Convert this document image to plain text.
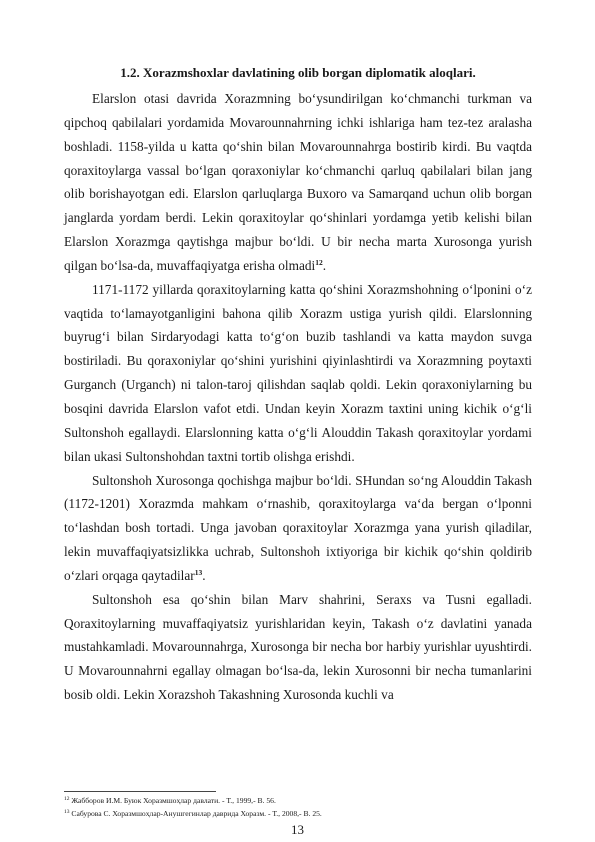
1.2. Xorazmshoxlar davlatining olib borgan diplomatik aloqlari.

Elarslon otasi davrida Xorazmning bo‘ysundirilgan ko‘chmanchi turkman va qipchoq qabilalari yordamida Movarounnahrning ichki ishlariga ham tez-tez aralasha boshladi. 1158-yilda u katta qo‘shin bilan Movarounnahrga bostirib kirdi. Bu vaqtda qoraxitoylarga vassal bo‘lgan qoraxoniylar ko‘chmanchi qarluq qabilalari bilan jang olib borishayotgan edi. Elarslon qarluqlarga Buxoro va Samarqand uchun olib borgan janglarda yordam berdi. Lekin qoraxitoylar qo‘shinlari yordamga yetib kelishi bilan Elarslon Xorazmga qaytishga majbur bo‘ldi. U bir necha marta Xurosonga yurish qilgan bo‘lsa-da, muvaffaqiyatga erisha olmadi$^{12}$.

1171-1172 yillarda qoraxitoylarning katta qo‘shini Xorazmshohning o‘lponini o‘z vaqtida to‘lamayotganligini bahona qilib Xorazm ustiga yurish qildi. Elarslonning buyrug‘i bilan Sirdaryodagi katta to‘g‘on buzib tashlandi va katta maydon suvga bostiriladi. Bu qoraxoniylar qo‘shini yurishini qiyinlashtirdi va Xorazmning poytaxti Gurganch (Urganch) ni talon-taroj qilishdan saqlab qoldi. Lekin qoraxoniylarning bu bosqini davrida Elarslon vafot etdi. Undan keyin Xorazm taxtini uning kichik o‘g‘li Sultonshoh egallaydi. Elarslonning katta o‘g‘li Alouddin Takash qoraxitoylar yordami bilan ukasi Sultonshohdan taxtni tortib olishga erishdi.

Sultonshoh Xurosonga qochishga majbur bo‘ldi. SHundan so‘ng Alouddin Takash (1172-1201) Xorazmda mahkam o‘rnashib, qoraxitoylarga va‘da bergan o‘lponni to‘lashdan bosh tortadi. Unga javoban qoraxitoylar Xorazmga yana yurish qiladilar, lekin muvaffaqiyatsizlikka uchrab, Sultonshoh ixtiyoriga bir kichik qo‘shin qoldirib o‘zlari orqaga qaytadilar$^{13}$.

Sultonshoh esa qo‘shin bilan Marv shahrini, Seraxs va Tusni egalladi. Qoraxitoylarning muvaffaqiyatsiz yurishlaridan keyin, Takash o‘z davlatini yanada mustahkamladi. Movarounnahrga, Xurosonga bir necha bor harbiy yurishlar uyushtirdi. U Movarounnahrni egallay olmagan bo‘lsa-da, lekin Xurosonni bir necha tumanlarini bosib oldi. Lekin Xorazshoh Takashning Xurosonda kuchli va

$^{12}$ Жабборов И.М. Буюк Хоразмшоҳлар давлати. - Т., 1999,- B. 56.
$^{13}$ Сабурова С. Хоразмшоҳлар-Анушгегинлар даврида Хоразм. - Т., 2008,- B. 25.
13
